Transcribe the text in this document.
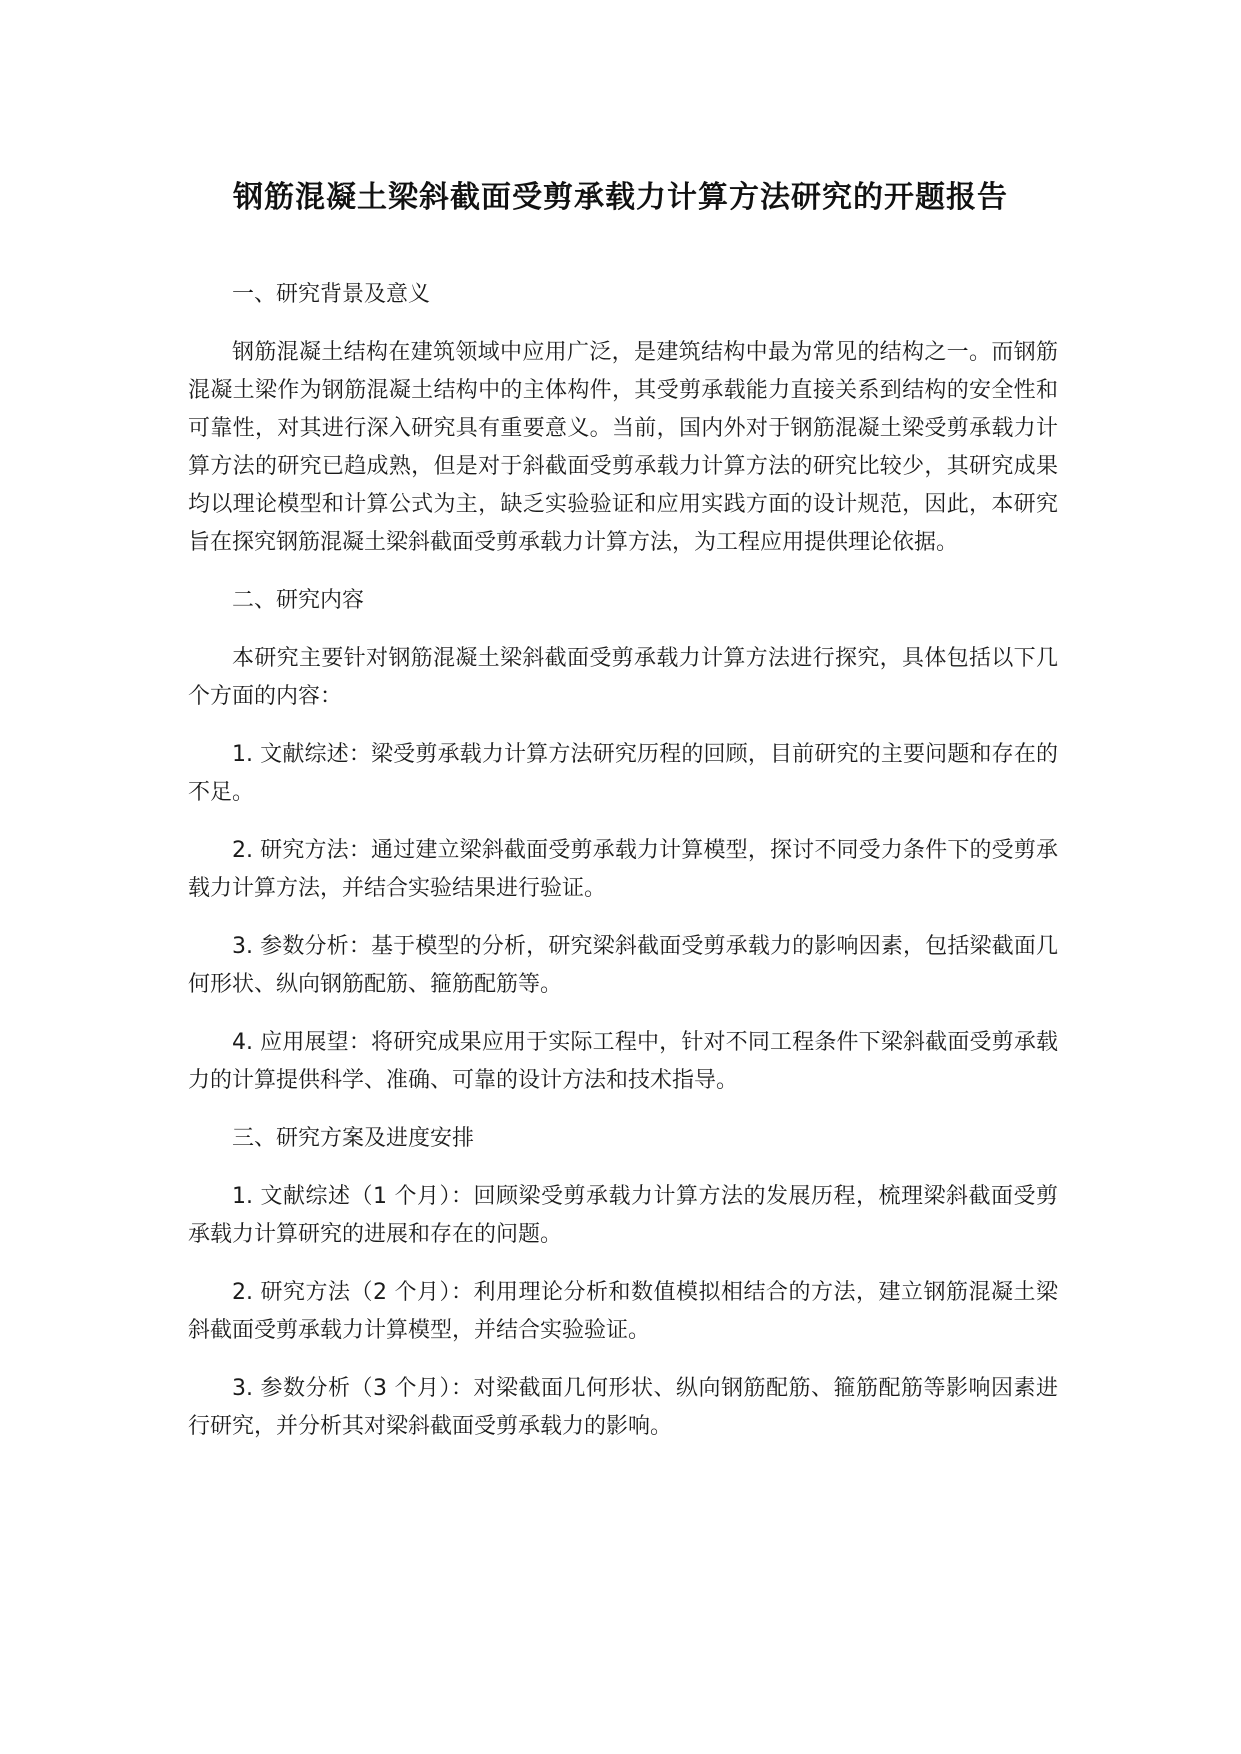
钢筋混凝土梁斜截面受剪承载力计算方法研究的开题报告

一、研究背景及意义

钢筋混凝土结构在建筑领域中应用广泛，是建筑结构中最为常见的结构之一。而钢筋混凝土梁作为钢筋混凝土结构中的主体构件，其受剪承载能力直接关系到结构的安全性和可靠性，对其进行深入研究具有重要意义。当前，国内外对于钢筋混凝土梁受剪承载力计算方法的研究已趋成熟，但是对于斜截面受剪承载力计算方法的研究比较少，其研究成果均以理论模型和计算公式为主，缺乏实验验证和应用实践方面的设计规范，因此，本研究旨在探究钢筋混凝土梁斜截面受剪承载力计算方法，为工程应用提供理论依据。

二、研究内容

本研究主要针对钢筋混凝土梁斜截面受剪承载力计算方法进行探究，具体包括以下几个方面的内容：

1. 文献综述：梁受剪承载力计算方法研究历程的回顾，目前研究的主要问题和存在的不足。

2. 研究方法：通过建立梁斜截面受剪承载力计算模型，探讨不同受力条件下的受剪承载力计算方法，并结合实验结果进行验证。

3. 参数分析：基于模型的分析，研究梁斜截面受剪承载力的影响因素，包括梁截面几何形状、纵向钢筋配筋、箍筋配筋等。

4. 应用展望：将研究成果应用于实际工程中，针对不同工程条件下梁斜截面受剪承载力的计算提供科学、准确、可靠的设计方法和技术指导。

三、研究方案及进度安排

1. 文献综述（1 个月）：回顾梁受剪承载力计算方法的发展历程，梳理梁斜截面受剪承载力计算研究的进展和存在的问题。

2. 研究方法（2 个月）：利用理论分析和数值模拟相结合的方法，建立钢筋混凝土梁斜截面受剪承载力计算模型，并结合实验验证。

3. 参数分析（3 个月）：对梁截面几何形状、纵向钢筋配筋、箍筋配筋等影响因素进行研究，并分析其对梁斜截面受剪承载力的影响。
